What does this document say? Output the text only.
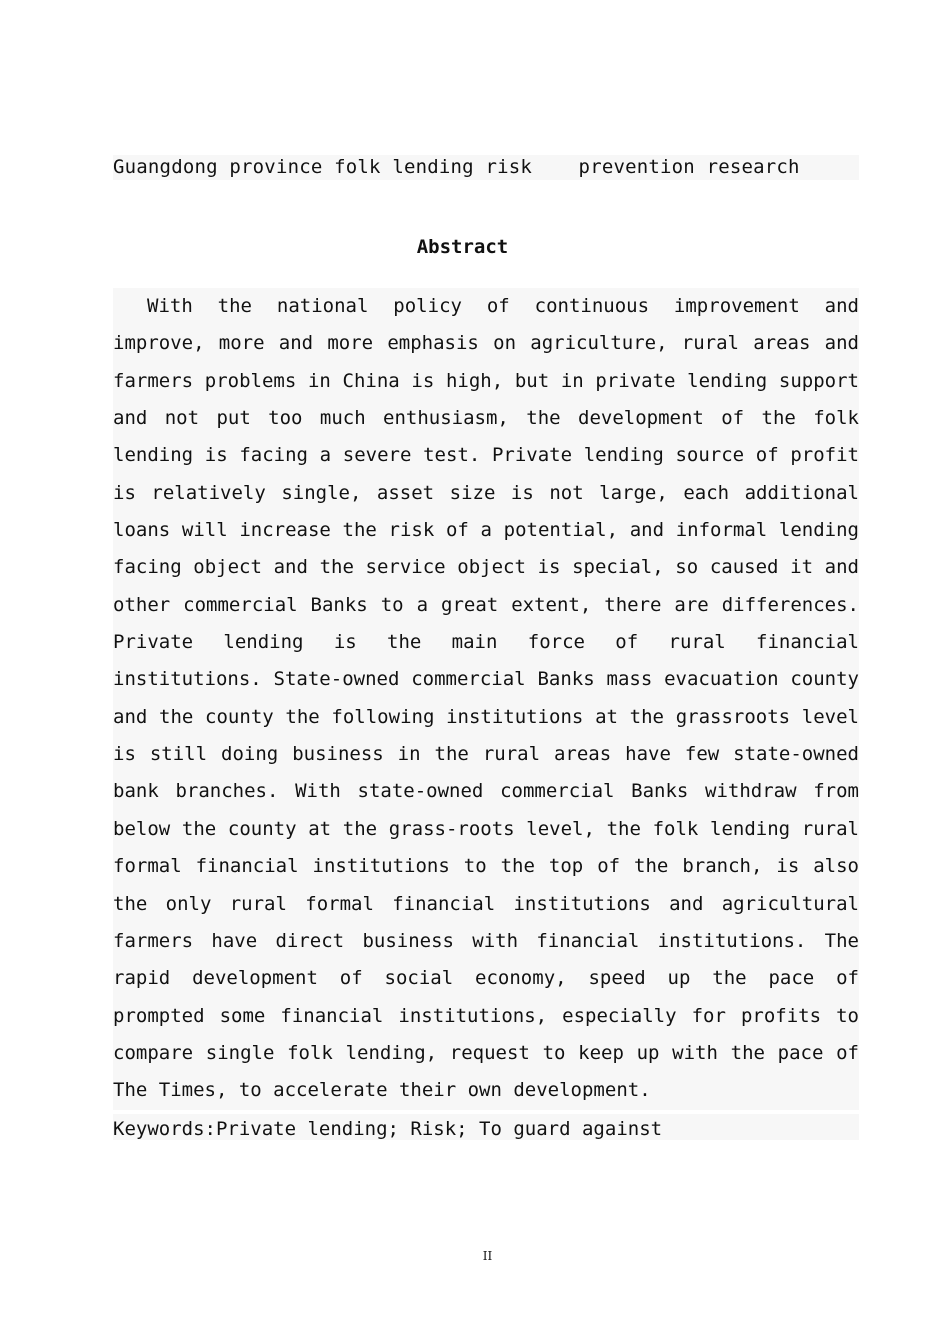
Guangdong province folk lending risk    prevention research
Abstract

With the national policy of continuous improvement and improve, more and more emphasis on agriculture, rural areas and farmers problems in China is high, but in private lending support and not put too much enthusiasm, the development of the folk lending is facing a severe test. Private lending source of profit is relatively single, asset size is not large, each additional loans will increase the risk of a potential, and informal lending facing object and the service object is special, so caused it and other commercial Banks to a great extent, there are differences. Private lending is the main force of rural financial institutions. State-owned commercial Banks mass evacuation county and the county the following institutions at the grassroots level is still doing business in the rural areas have few state-owned bank branches. With state-owned commercial Banks withdraw from below the county at the grass-roots level, the folk lending rural formal financial institutions to the top of the branch, is also the only rural formal financial institutions and agricultural farmers have direct business with financial institutions. The rapid development of social economy, speed up the pace of prompted some financial institutions, especially for profits to compare single folk lending, request to keep up with the pace of The Times, to accelerate their own development.

Keywords:Private lending; Risk; To guard against
II
